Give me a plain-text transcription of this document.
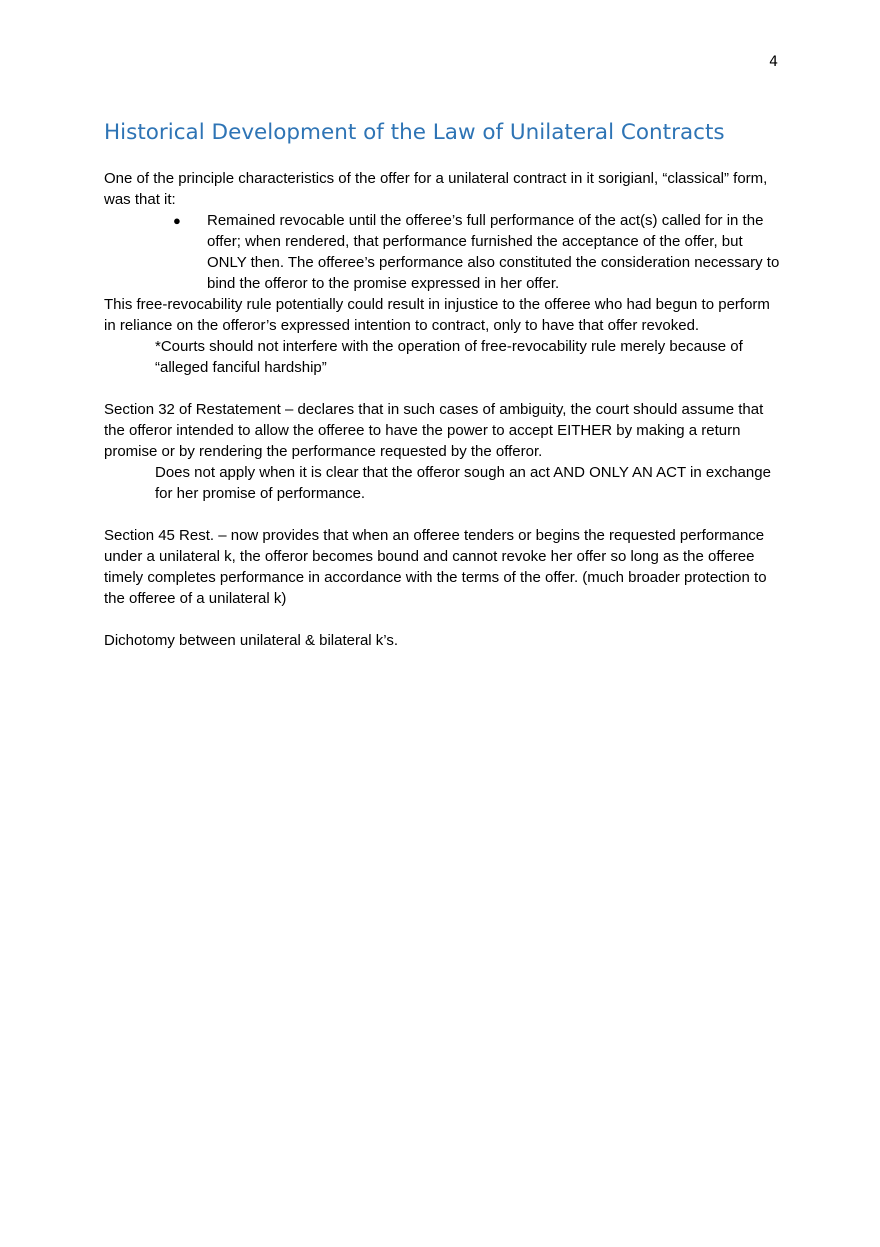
4
Historical Development of the Law of Unilateral Contracts

One of the principle characteristics of the offer for a unilateral contract in it sorigianl, “classical” form, was that it:

● Remained revocable until the offeree’s full performance of the act(s) called for in the offer; when rendered, that performance furnished the acceptance of the offer, but ONLY then. The offeree’s performance also constituted the consideration necessary to bind the offeror to the promise expressed in her offer.

This free-revocability rule potentially could result in injustice to the offeree who had begun to perform in reliance on the offeror’s expressed intention to contract, only to have that offer revoked.

*Courts should not interfere with the operation of free-revocability rule merely because of “alleged fanciful hardship”

Section 32 of Restatement – declares that in such cases of ambiguity, the court should assume that the offeror intended to allow the offeree to have the power to accept EITHER by making a return promise or by rendering the performance requested by the offeror.

Does not apply when it is clear that the offeror sough an act AND ONLY AN ACT in exchange for her promise of performance.

Section 45 Rest. – now provides that when an offeree tenders or begins the requested performance under a unilateral k, the offeror becomes bound and cannot revoke her offer so long as the offeree timely completes performance in accordance with the terms of the offer. (much broader protection to the offeree of a unilateral k)

Dichotomy between unilateral & bilateral k’s.
